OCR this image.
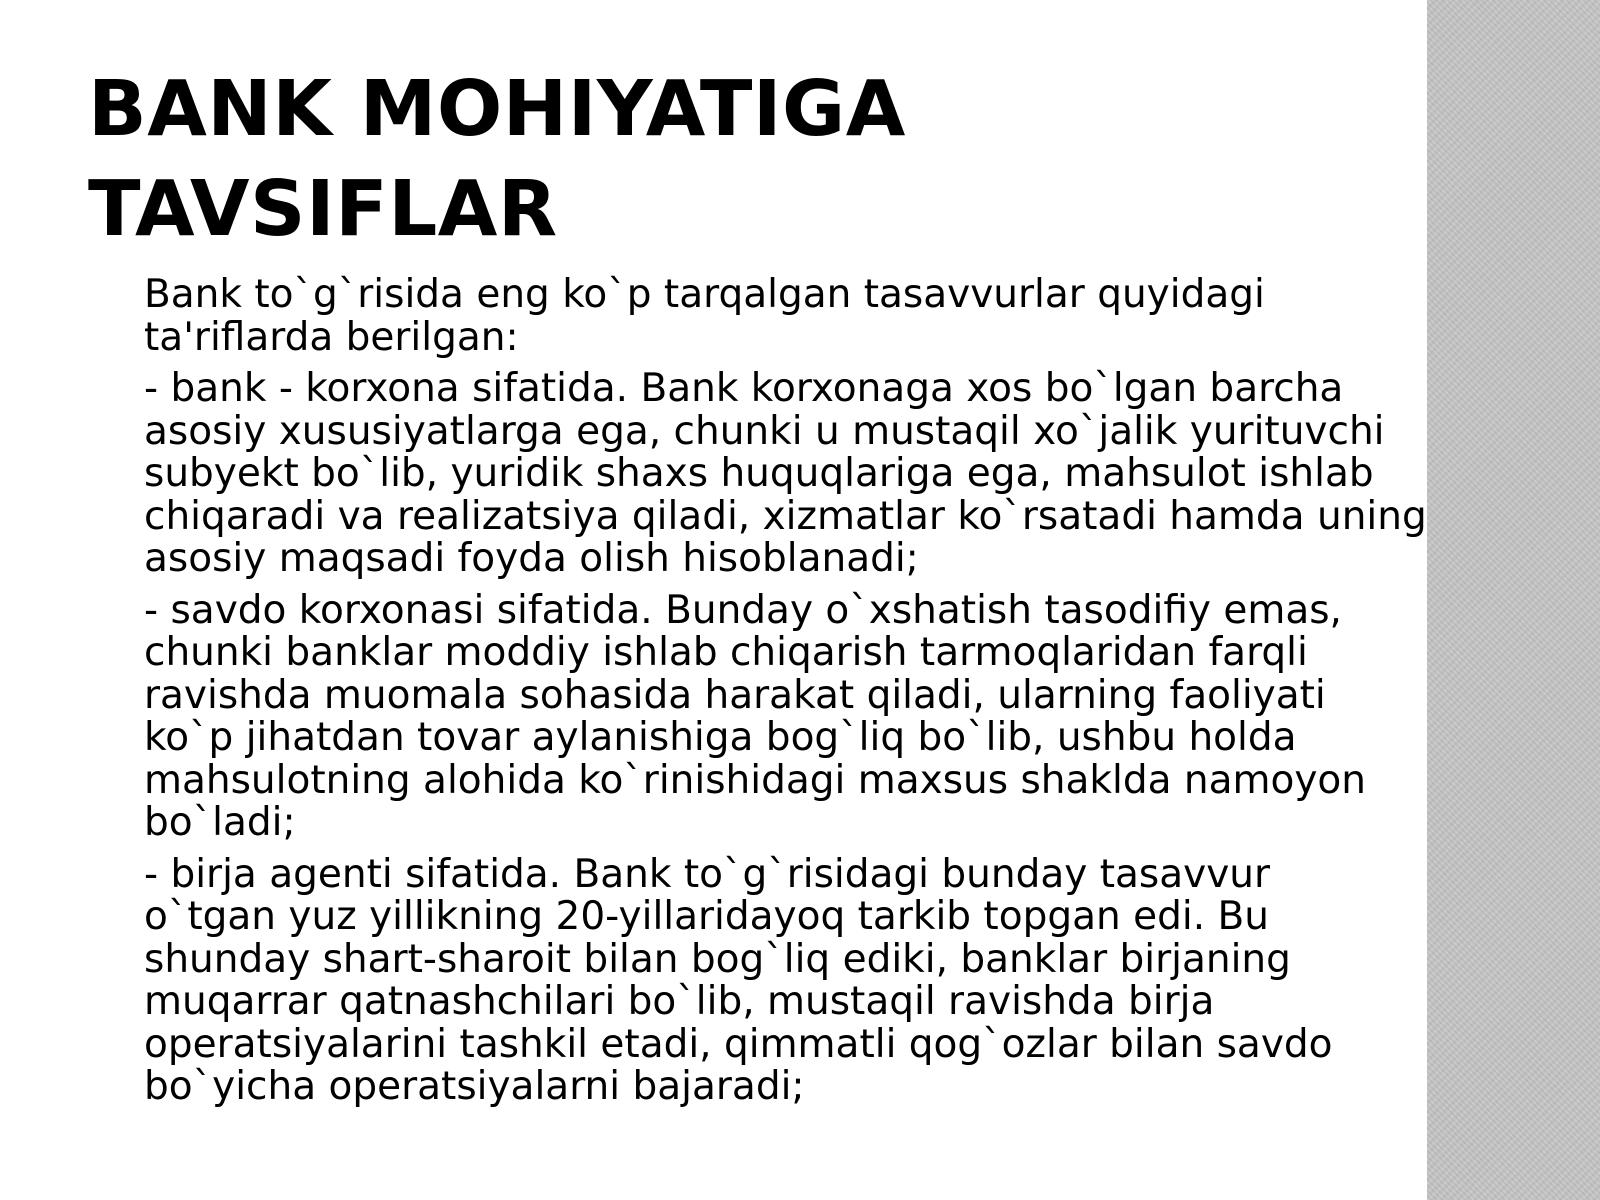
BANK MOHIYATIGA
TAVSIFLAR

Bank to`g`risida eng ko`p tarqalgan tasavvurlar quyidagi
ta'riflarda berilgan:

- bank - korxona sifatida. Bank korxonaga xos bo`lgan barcha
asosiy xususiyatlarga ega, chunki u mustaqil xo`jalik yurituvchi
subyekt bo`lib, yuridik shaxs huquqlariga ega, mahsulot ishlab
chiqaradi va realizatsiya qiladi, xizmatlar ko`rsatadi hamda uning
asosiy maqsadi foyda olish hisoblanadi;

- savdo korxonasi sifatida. Bunday o`xshatish tasodifiy emas,
chunki banklar moddiy ishlab chiqarish tarmoqlaridan farqli
ravishda muomala sohasida harakat qiladi, ularning faoliyati
ko`p jihatdan tovar aylanishiga bog`liq bo`lib, ushbu holda
mahsulotning alohida ko`rinishidagi maxsus shaklda namoyon
bo`ladi;

- birja agenti sifatida. Bank to`g`risidagi bunday tasavvur
o`tgan yuz yillikning 20-yillaridayoq tarkib topgan edi. Bu
shunday shart-sharoit bilan bog`liq ediki, banklar birjaning
muqarrar qatnashchilari bo`lib, mustaqil ravishda birja
operatsiyalarini tashkil etadi, qimmatli qog`ozlar bilan savdo
bo`yicha operatsiyalarni bajaradi;
